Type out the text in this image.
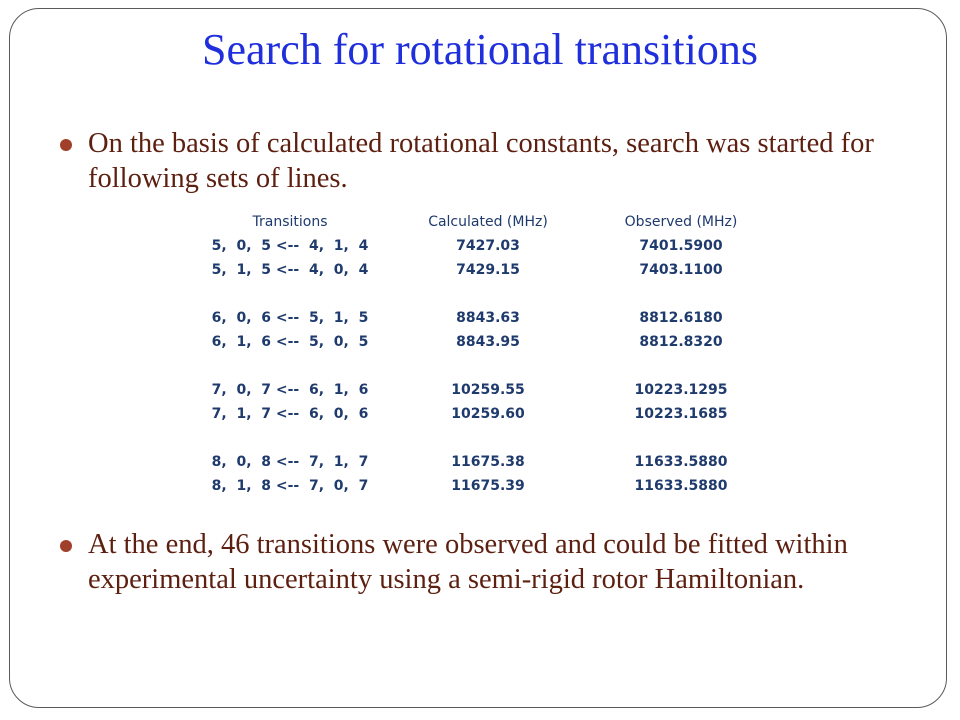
Search for rotational transitions
On the basis of calculated rotational constants, search was started for following sets of lines.
Transitions	Calculated (MHz)	Observed (MHz)
5,  0,  5 <--  4,  1,  4	7427.03	7401.5900
5,  1,  5 <--  4,  0,  4	7429.15	7403.1100
6,  0,  6 <--  5,  1,  5	8843.63	8812.6180
6,  1,  6 <--  5,  0,  5	8843.95	8812.8320
7,  0,  7 <--  6,  1,  6	10259.55	10223.1295
7,  1,  7 <--  6,  0,  6	10259.60	10223.1685
8,  0,  8 <--  7,  1,  7	11675.38	11633.5880
8,  1,  8 <--  7,  0,  7	11675.39	11633.5880
At the end, 46 transitions were observed and could be fitted within experimental uncertainty using a semi-rigid rotor Hamiltonian.
